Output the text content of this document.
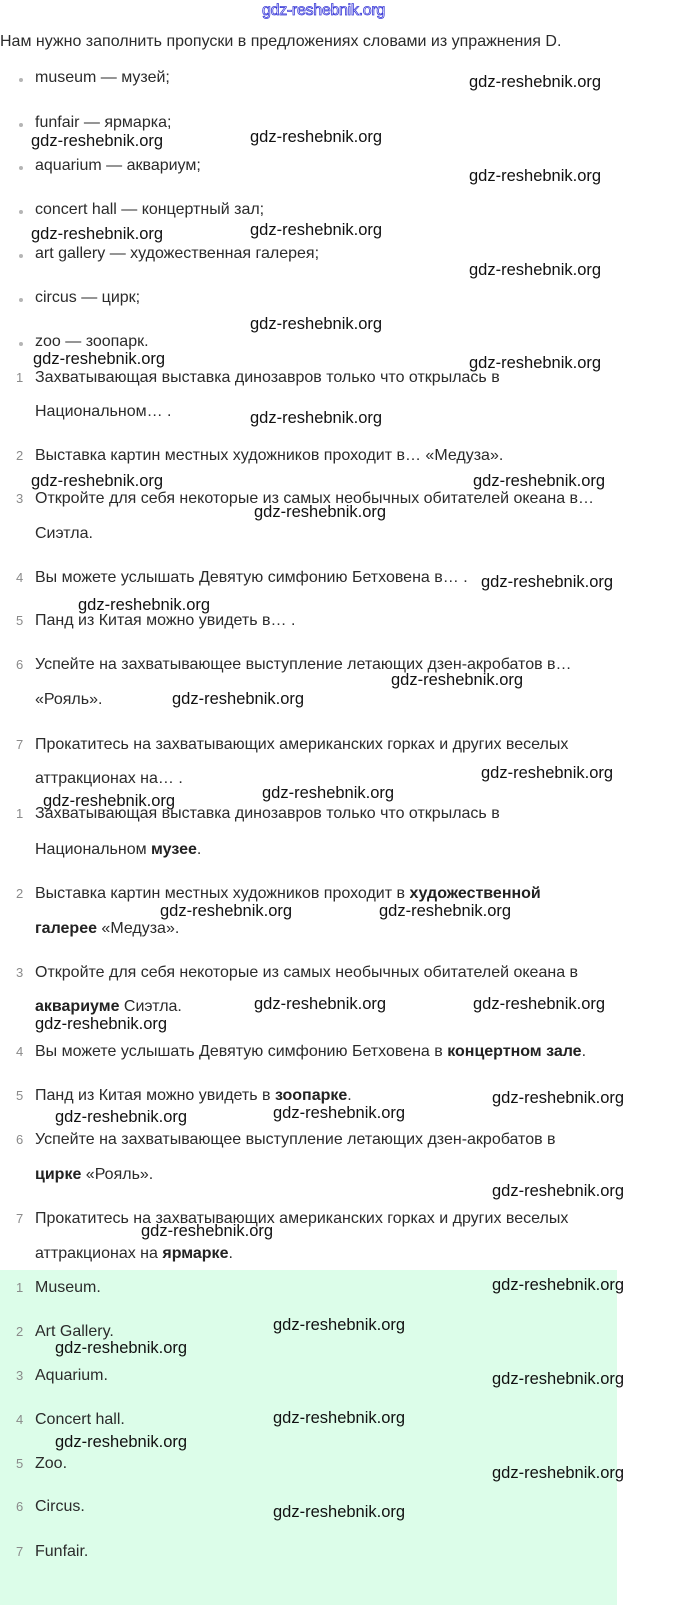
gdz-reshebnik.org
Нам нужно заполнить пропуски в предложениях словами из упражнения D.
museum — музей;
funfair — ярмарка;
aquarium — аквариум;
concert hall — концертный зал;
art gallery — художественная галерея;
circus — цирк;
zoo — зоопарк.
1 Захватывающая выставка динозавров только что открылась в
Национальном… .
2 Выставка картин местных художников проходит в… «Медуза».
3 Откройте для себя некоторые из самых необычных обитателей океана в…
Сиэтла.
4 Вы можете услышать Девятую симфонию Бетховена в… .
5 Панд из Китая можно увидеть в… .
6 Успейте на захватывающее выступление летающих дзен-акробатов в…
«Рояль».
7 Прокатитесь на захватывающих американских горках и других веселых
аттракционах на… .
1 Захватывающая выставка динозавров только что открылась в
Национальном музее.
2 Выставка картин местных художников проходит в художественной
галерее «Медуза».
3 Откройте для себя некоторые из самых необычных обитателей океана в
аквариуме Сиэтла.
4 Вы можете услышать Девятую симфонию Бетховена в концертном зале.
5 Панд из Китая можно увидеть в зоопарке.
6 Успейте на захватывающее выступление летающих дзен-акробатов в
цирке «Рояль».
7 Прокатитесь на захватывающих американских горках и других веселых
аттракционах на ярмарке.
1 Museum.
2 Art Gallery.
3 Aquarium.
4 Concert hall.
5 Zoo.
6 Circus.
7 Funfair.
gdz-reshebnik.org
gdz-reshebnik.org	gdz-reshebnik.org
gdz-reshebnik.org
gdz-reshebnik.org	gdz-reshebnik.org
gdz-reshebnik.org
gdz-reshebnik.org
gdz-reshebnik.org	gdz-reshebnik.org
gdz-reshebnik.org
gdz-reshebnik.org	gdz-reshebnik.org
gdz-reshebnik.org
gdz-reshebnik.org
gdz-reshebnik.org
gdz-reshebnik.org
gdz-reshebnik.org
gdz-reshebnik.org
gdz-reshebnik.org	gdz-reshebnik.org
gdz-reshebnik.org	gdz-reshebnik.org
gdz-reshebnik.org	gdz-reshebnik.org
gdz-reshebnik.org
gdz-reshebnik.org
gdz-reshebnik.org
gdz-reshebnik.org
gdz-reshebnik.org
gdz-reshebnik.org
gdz-reshebnik.org
gdz-reshebnik.org
gdz-reshebnik.org
gdz-reshebnik.org
gdz-reshebnik.org
gdz-reshebnik.org
gdz-reshebnik.org
gdz-reshebnik.org
